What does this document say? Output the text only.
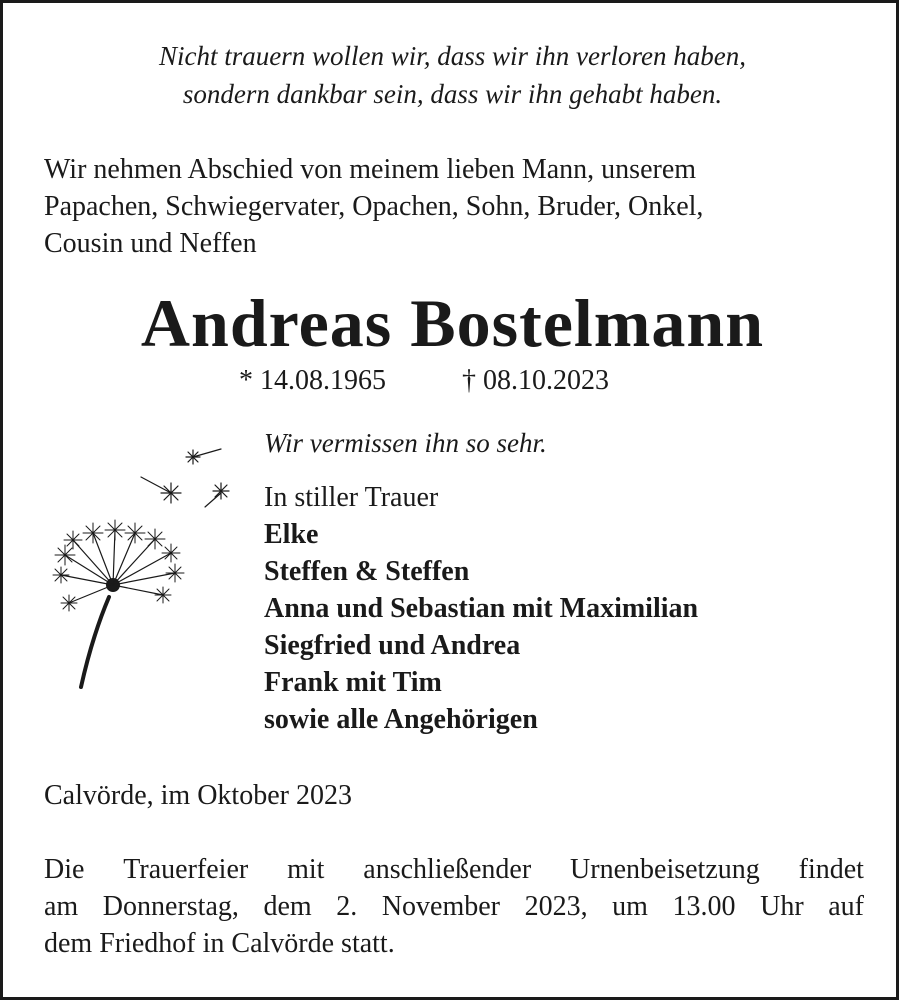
Nicht trauern wollen wir, dass wir ihn verloren haben,
sondern dankbar sein, dass wir ihn gehabt haben.
Wir nehmen Abschied von meinem lieben Mann, unserem
Papachen, Schwiegervater, Opachen, Sohn, Bruder, Onkel,
Cousin und Neffen
Andreas Bostelmann
* 14.08.1965	† 08.10.2023
Wir vermissen ihn so sehr.
In stiller Trauer
Elke
Steffen & Steffen
Anna und Sebastian mit Maximilian
Siegfried und Andrea
Frank mit Tim
sowie alle Angehörigen
Calvörde, im Oktober 2023
Die Trauerfeier mit anschließender Urnenbeisetzung findet
am Donnerstag, dem 2. November 2023, um 13.00 Uhr auf
dem Friedhof in Calvörde statt.
